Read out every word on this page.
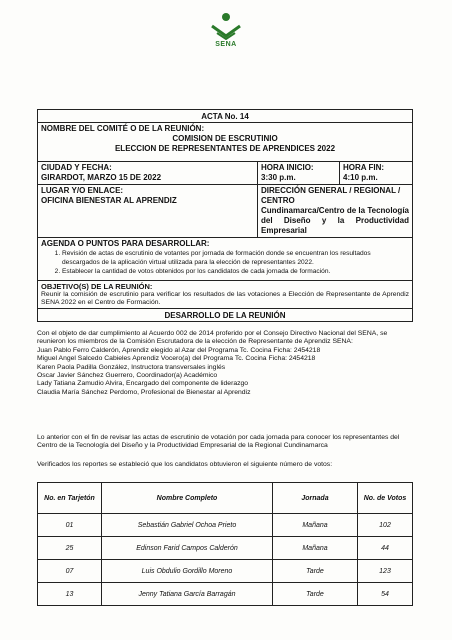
SENA
ACTA No. 14
NOMBRE DEL COMITÉ O DE LA REUNIÓN:
COMISION DE ESCRUTINIO
ELECCION DE REPRESENTANTES DE APRENDICES 2022
CIUDAD Y FECHA:
GIRARDOT, MARZO 15 DE 2022
HORA INICIO:
3:30 p.m.
HORA FIN:
4:10 p.m.
LUGAR Y/O ENLACE:
OFICINA BIENESTAR AL APRENDIZ
DIRECCIÓN GENERAL / REGIONAL / CENTRO
Cundinamarca/Centro de la Tecnología del Diseño y la Productividad Empresarial
AGENDA O PUNTOS PARA DESARROLLAR:
1. Revisión de actas de escrutinio de votantes por jornada de formación donde se encuentran los resultados descargados de la aplicación virtual utilizada para la elección de representantes 2022.
2. Establecer la cantidad de votos obtenidos por los candidatos de cada jornada de formación.
OBJETIVO(S) DE LA REUNIÓN:
Reunir la comisión de escrutinio para verificar los resultados de las votaciones a Elección de Representante de Aprendiz SENA 2022 en el Centro de Formación.
DESARROLLO DE LA REUNIÓN

Con el objeto de dar cumplimiento al Acuerdo 002 de 2014 proferido por el Consejo Directivo Nacional del SENA, se reunieron los miembros de la Comisión Escrutadora de la elección de Representante de Aprendiz SENA:

Juan Pablo Ferro Calderón, Aprendiz elegido al Azar del Programa Tc. Cocina Ficha: 2454218

Miguel Angel Salcedo Cabieles Aprendiz Vocero(a) del Programa Tc. Cocina Ficha: 2454218

Karen Paola Padilla González, Instructora transversales inglés

Oscar Javier Sánchez Guerrero, Coordinador(a) Académico

Lady Tatiana Zamudio Alvira, Encargado del componente de liderazgo

Claudia María Sánchez Perdomo, Profesional de Bienestar al Aprendiz

Lo anterior con el fin de revisar las actas de escrutinio de votación por cada jornada para conocer los representantes del Centro de la Tecnología del Diseño y la Productividad Empresarial de la Regional Cundinamarca
Verificados los reportes se estableció que los candidatos obtuvieron el siguiente número de votos:
No. en Tarjetón	Nombre Completo	Jornada	No. de Votos
01	Sebastián Gabriel Ochoa Prieto	Mañana	102
25	Edinson Farid Campos Calderón	Mañana	44
07	Luis Obdulio Gordillo Moreno	Tarde	123
13	Jenny Tatiana García Barragán	Tarde	54
